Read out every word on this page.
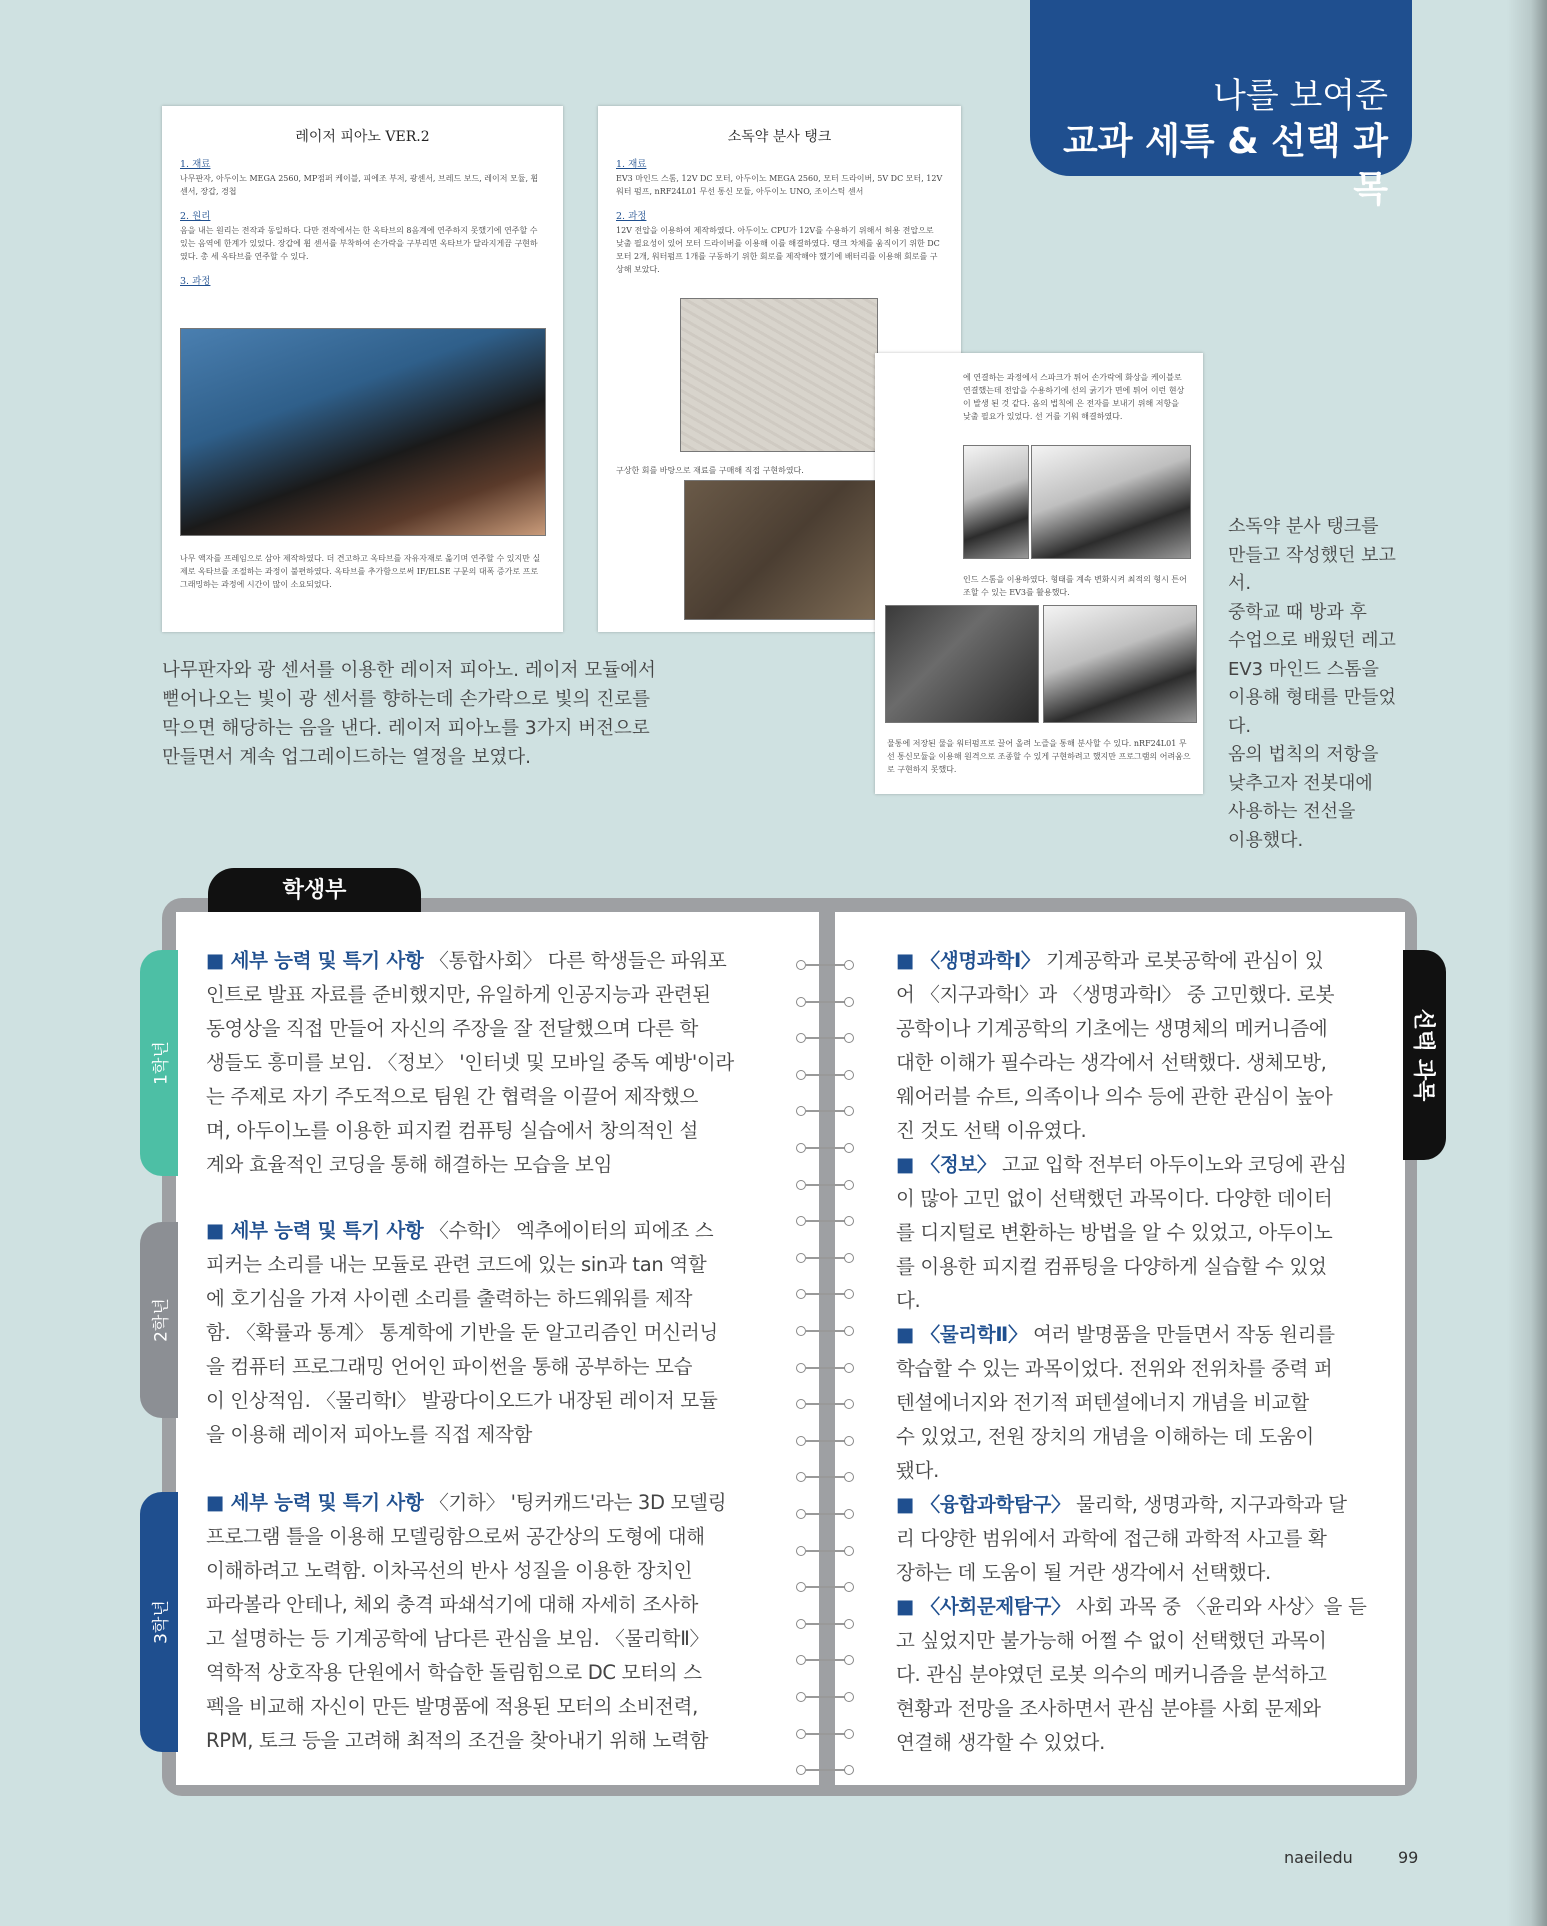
나를 보여준
교과 세특 & 선택 과목
레이저 피아노 VER.2
1. 재료
나무판자, 아두이노 MEGA 2560, MP점퍼 케이블, 피에조 부저, 광센서, 브레드 보드, 레이저 모듈, 휨 센서, 장갑, 경첩
2. 원리
음을 내는 원리는 전작과 동일하다. 다만 전작에서는 한 옥타브의 8음계에 연주하지 못했기에 연주할 수 있는 음역에 한계가 있었다. 장갑에 휨 센서를 부착하여 손가락을 구부리면 옥타브가 달라지게끔 구현하였다. 총 세 옥타브를 연주할 수 있다.
3. 과정
나무 액자를 프레임으로 삼아 제작하였다. 더 견고하고 옥타브를 자유자재로 옮기며 연주할 수 있지만 실제로 옥타브를 조절하는 과정이 불편하였다. 옥타브를 추가함으로써 IF/ELSE 구문의 대폭 증가로 프로그래밍하는 과정에 시간이 많이 소요되었다.
소독약 분사 탱크
1. 재료
EV3 마인드 스톰, 12V DC 모터, 아두이노 MEGA 2560, 모터 드라이버, 5V DC 모터, 12V 워터 펌프, nRF24L01 무선 통신 모듈, 아두이노 UNO, 조이스틱 센서
2. 과정
12V 전압을 이용하여 제작하였다. 아두이노 CPU가 12V를 수용하기 위해서 허용 전압으로 낮출 필요성이 있어 모터 드라이버를 이용해 이를 해결하였다. 탱크 차체를 움직이기 위한 DC 모터 2개, 워터펌프 1개를 구동하기 위한 회로를 제작해야 했기에 배터리를 이용해 회로를 구상해 보았다.
구상한 회를 바탕으로 재료를 구매해 직접 구현하였다.
에 연결하는 과정에서 스파크가 튀어 손가락에 화상을 케이블로 연결했는데 전압을 수용하기에 선의 굵기가 면에 튀어 이런 현상이 발생 된 것 같다. 옴의 법칙에 은 전자를 보내기 위해 저항을 낮출 필요가 있었다. 선 거를 기워 해결하였다.
인드 스톰을 이용하였다. 형태를 계속 변화시켜 최적의 형시 튼어조할 수 있는 EV3를 활용했다.
물통에 저장된 물을 워터펌프로 끌어 올려 노즐을 통해 분사할 수 있다. nRF24L01 무선 통신모듈을 이용해 원격으로 조종할 수 있게 구현하려고 했지만 프로그램의 어려움으로 구현하지 못했다.
나무판자와 광 센서를 이용한 레이저 피아노. 레이저 모듈에서
뻗어나오는 빛이 광 센서를 향하는데 손가락으로 빛의 진로를
막으면 해당하는 음을 낸다. 레이저 피아노를 3가지 버전으로
만들면서 계속 업그레이드하는 열정을 보였다.
소독약 분사 탱크를
만들고 작성했던 보고서.
중학교 때 방과 후
수업으로 배웠던 레고
EV3 마인드 스톰을
이용해 형태를 만들었다.
옴의 법칙의 저항을
낮추고자 전봇대에
사용하는 전선을
이용했다.
학생부
1학년
2학년
3학년
선택 과목
■ 세부 능력 및 특기 사항 〈통합사회〉 다른 학생들은 파워포
인트로 발표 자료를 준비했지만, 유일하게 인공지능과 관련된
동영상을 직접 만들어 자신의 주장을 잘 전달했으며 다른 학
생들도 흥미를 보임. 〈정보〉 '인터넷 및 모바일 중독 예방'이라
는 주제로 자기 주도적으로 팀원 간 협력을 이끌어 제작했으
며, 아두이노를 이용한 피지컬 컴퓨팅 실습에서 창의적인 설
계와 효율적인 코딩을 통해 해결하는 모습을 보임
■ 세부 능력 및 특기 사항 〈수학Ⅰ〉 엑추에이터의 피에조 스
피커는 소리를 내는 모듈로 관련 코드에 있는 sin과 tan 역할
에 호기심을 가져 사이렌 소리를 출력하는 하드웨워를 제작
함. 〈확률과 통계〉 통계학에 기반을 둔 알고리즘인 머신러닝
을 컴퓨터 프로그래밍 언어인 파이썬을 통해 공부하는 모습
이 인상적임. 〈물리학Ⅰ〉 발광다이오드가 내장된 레이저 모듈
을 이용해 레이저 피아노를 직접 제작함
■ 세부 능력 및 특기 사항 〈기하〉 '팅커캐드'라는 3D 모델링
프로그램 틀을 이용해 모델링함으로써 공간상의 도형에 대해
이해하려고 노력함. 이차곡선의 반사 성질을 이용한 장치인
파라볼라 안테나, 체외 충격 파쇄석기에 대해 자세히 조사하
고 설명하는 등 기계공학에 남다른 관심을 보임. 〈물리학Ⅱ〉
역학적 상호작용 단원에서 학습한 돌림힘으로 DC 모터의 스
펙을 비교해 자신이 만든 발명품에 적용된 모터의 소비전력,
RPM, 토크 등을 고려해 최적의 조건을 찾아내기 위해 노력함
■ 〈생명과학Ⅰ〉 기계공학과 로봇공학에 관심이 있
어 〈지구과학Ⅰ〉과 〈생명과학Ⅰ〉 중 고민했다. 로봇
공학이나 기계공학의 기초에는 생명체의 메커니즘에
대한 이해가 필수라는 생각에서 선택했다. 생체모방,
웨어러블 슈트, 의족이나 의수 등에 관한 관심이 높아
진 것도 선택 이유였다.
■ 〈정보〉 고교 입학 전부터 아두이노와 코딩에 관심
이 많아 고민 없이 선택했던 과목이다. 다양한 데이터
를 디지털로 변환하는 방법을 알 수 있었고, 아두이노
를 이용한 피지컬 컴퓨팅을 다양하게 실습할 수 있었
다.
■ 〈물리학Ⅱ〉 여러 발명품을 만들면서 작동 원리를
학습할 수 있는 과목이었다. 전위와 전위차를 중력 퍼
텐셜에너지와 전기적 퍼텐셜에너지 개념을 비교할
수 있었고, 전원 장치의 개념을 이해하는 데 도움이
됐다.
■ 〈융합과학탐구〉 물리학, 생명과학, 지구과학과 달
리 다양한 범위에서 과학에 접근해 과학적 사고를 확
장하는 데 도움이 될 거란 생각에서 선택했다.
■ 〈사회문제탐구〉 사회 과목 중 〈윤리와 사상〉을 듣
고 싶었지만 불가능해 어쩔 수 없이 선택했던 과목이
다. 관심 분야였던 로봇 의수의 메커니즘을 분석하고
현황과 전망을 조사하면서 관심 분야를 사회 문제와
연결해 생각할 수 있었다.
naeiledu	99
